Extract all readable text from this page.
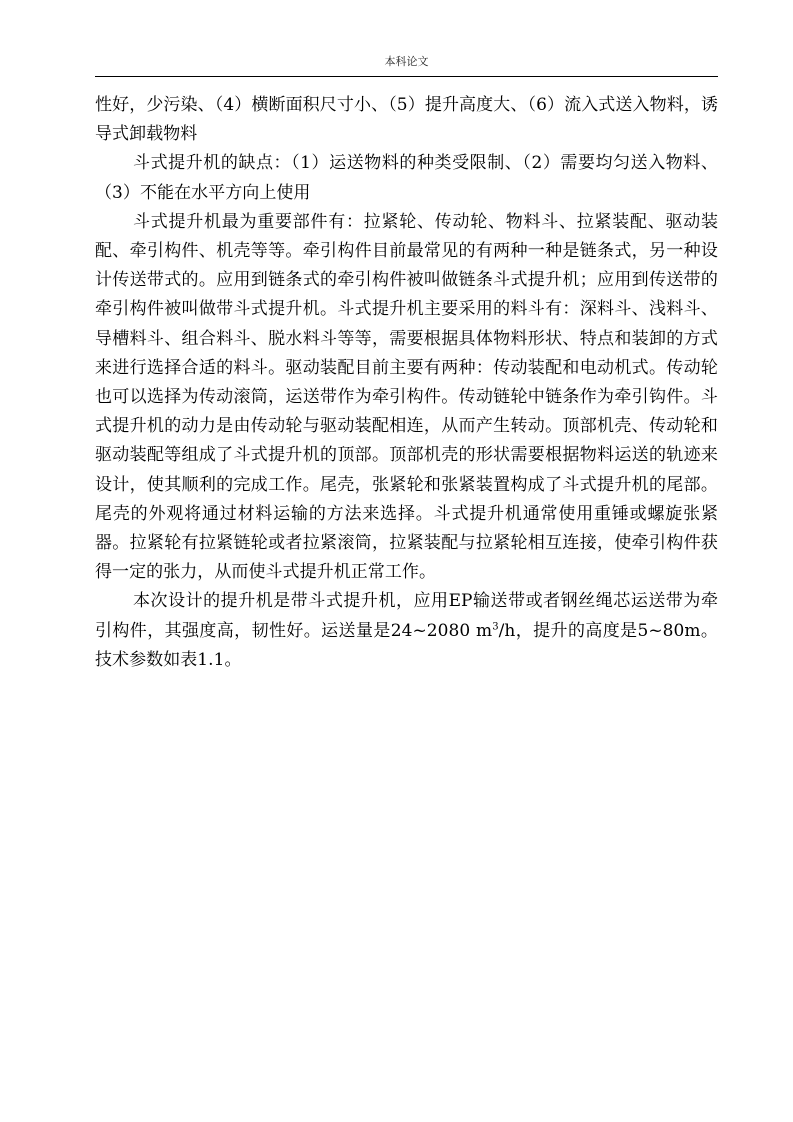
本科论文

性好，少污染、（4）横断面积尺寸小、（5）提升高度大、（6）流入式送入物料，诱导式卸载物料

斗式提升机的缺点：（1）运送物料的种类受限制、（2）需要均匀送入物料、（3）不能在水平方向上使用

斗式提升机最为重要部件有：拉紧轮、传动轮、物料斗、拉紧装配、驱动装配、牵引构件、机壳等等。牵引构件目前最常见的有两种一种是链条式，另一种设计传送带式的。应用到链条式的牵引构件被叫做链条斗式提升机；应用到传送带的牵引构件被叫做带斗式提升机。斗式提升机主要采用的料斗有：深料斗、浅料斗、导槽料斗、组合料斗、脱水料斗等等，需要根据具体物料形状、特点和装卸的方式来进行选择合适的料斗。驱动装配目前主要有两种：传动装配和电动机式。传动轮也可以选择为传动滚筒，运送带作为牵引构件。传动链轮中链条作为牵引钩件。斗式提升机的动力是由传动轮与驱动装配相连，从而产生转动。顶部机壳、传动轮和驱动装配等组成了斗式提升机的顶部。顶部机壳的形状需要根据物料运送的轨迹来设计，使其顺利的完成工作。尾壳，张紧轮和张紧装置构成了斗式提升机的尾部。尾壳的外观将通过材料运输的方法来选择。斗式提升机通常使用重锤或螺旋张紧器。拉紧轮有拉紧链轮或者拉紧滚筒，拉紧装配与拉紧轮相互连接，使牵引构件获得一定的张力，从而使斗式提升机正常工作。

本次设计的提升机是带斗式提升机，应用EP输送带或者钢丝绳芯运送带为牵引构件，其强度高，韧性好。运送量是24~2080 $m^3/h$，提升的高度是5~80m。技术参数如表1.1。
